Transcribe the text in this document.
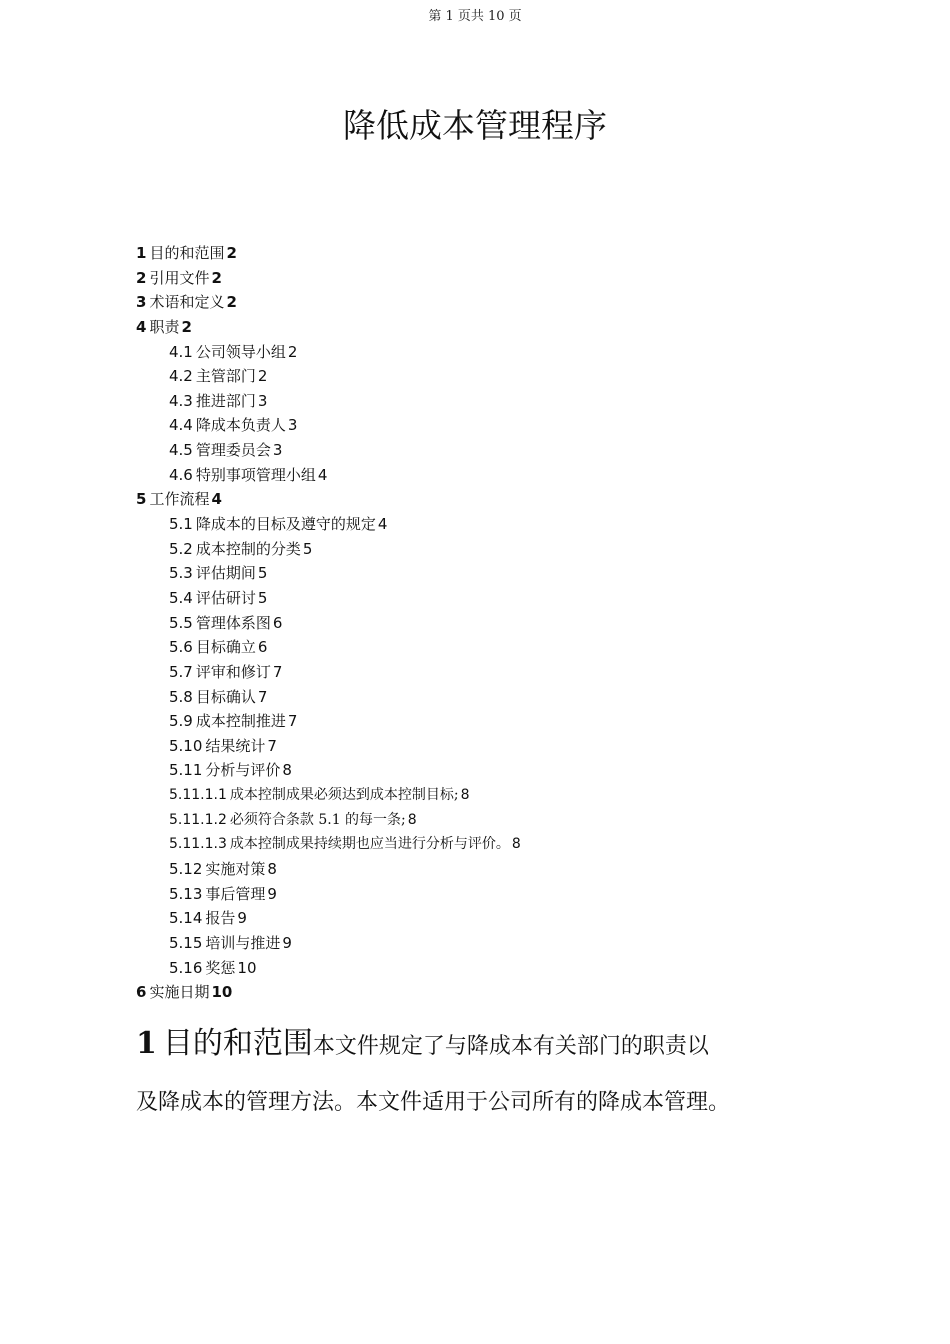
第 1 页共 10 页
降低成本管理程序
1 目的和范围 2
2 引用文件 2
3 术语和定义 2
4 职责 2
4.1 公司领导小组 2
4.2 主管部门 2
4.3 推进部门 3
4.4 降成本负责人 3
4.5 管理委员会 3
4.6 特别事项管理小组 4
5 工作流程 4
5.1 降成本的目标及遵守的规定 4
5.2 成本控制的分类 5
5.3 评估期间 5
5.4 评估研讨 5
5.5 管理体系图 6
5.6 目标确立 6
5.7 评审和修订 7
5.8 目标确认 7
5.9 成本控制推进 7
5.10 结果统计 7
5.11 分析与评价 8
5.11.1.1 成本控制成果必须达到成本控制目标; 8
5.11.1.2 必须符合条款 5.1 的每一条; 8
5.11.1.3 成本控制成果持续期也应当进行分析与评价。 8
5.12 实施对策 8
5.13 事后管理 9
5.14 报告 9
5.15 培训与推进 9
5.16 奖惩 10
6 实施日期 10
1 目的和范围本文件规定了与降成本有关部门的职责以
及降成本的管理方法。本文件适用于公司所有的降成本管理。
